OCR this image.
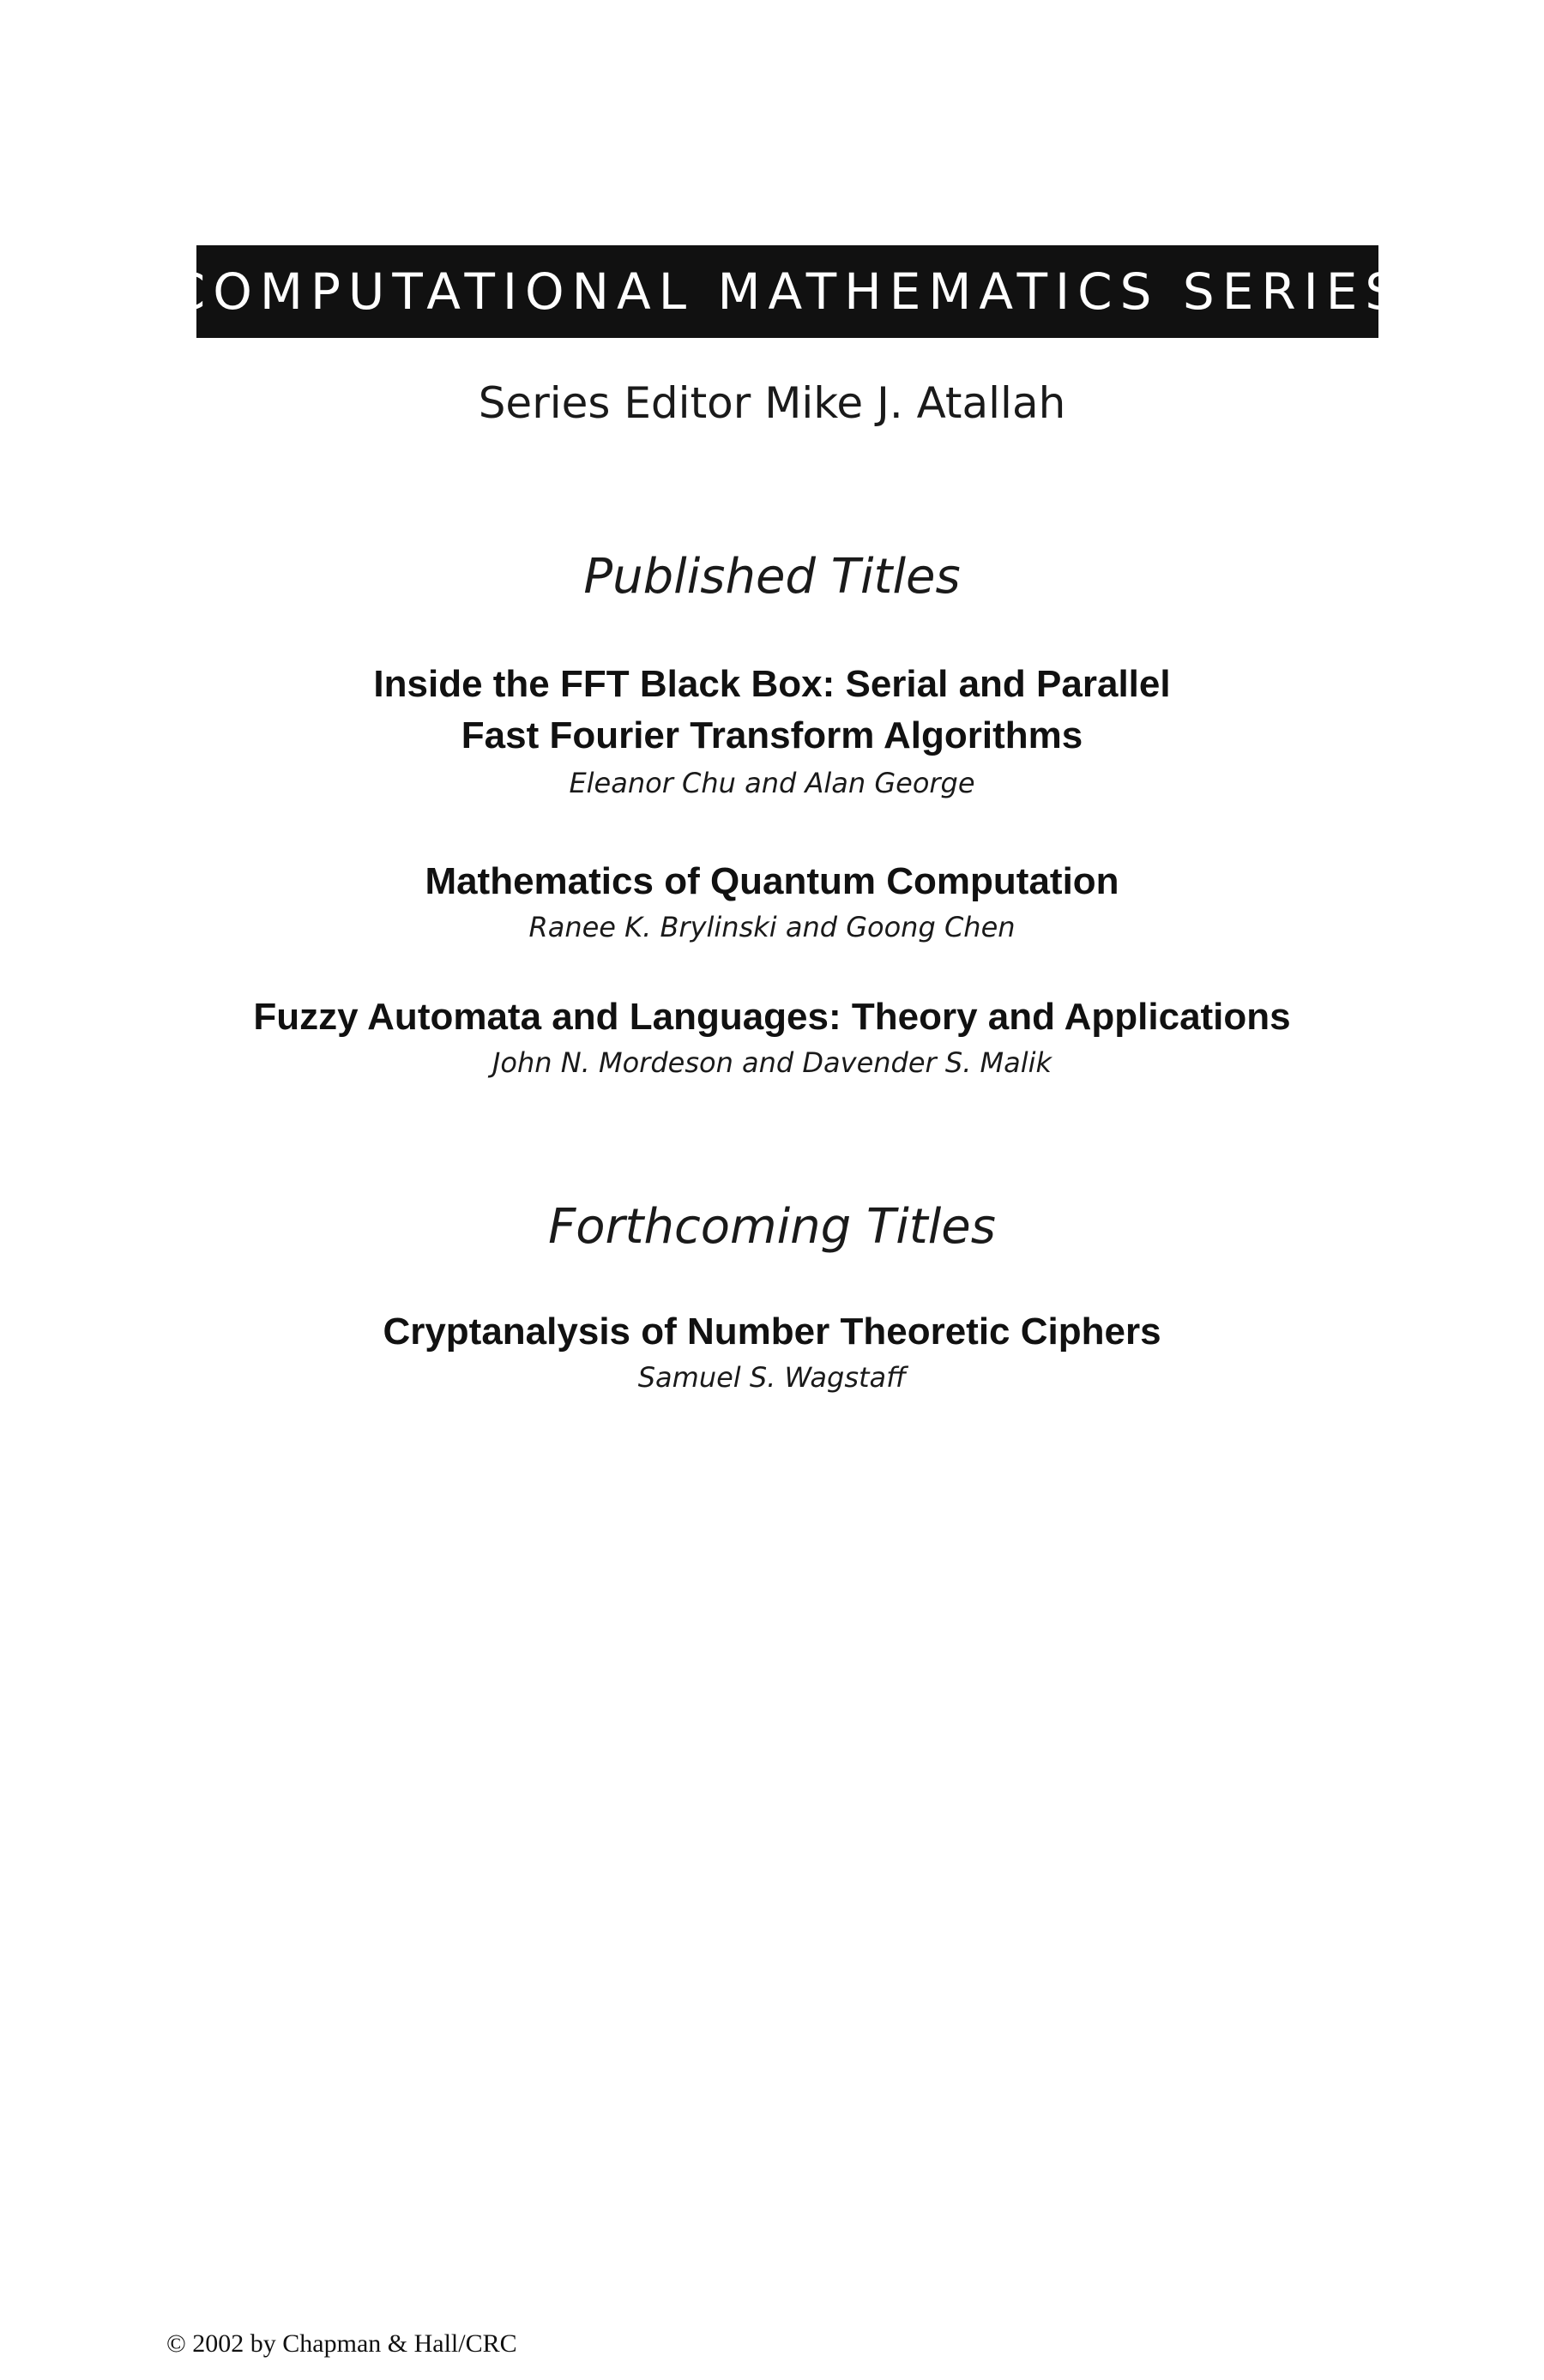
COMPUTATIONAL MATHEMATICS SERIES
Series Editor Mike J. Atallah
Published Titles
Inside the FFT Black Box: Serial and Parallel
Fast Fourier Transform Algorithms
Eleanor Chu and Alan George
Mathematics of Quantum Computation
Ranee K. Brylinski and Goong Chen
Fuzzy Automata and Languages: Theory and Applications
John N. Mordeson and Davender S. Malik
Forthcoming Titles
Cryptanalysis of Number Theoretic Ciphers
Samuel S. Wagstaff
© 2002 by Chapman & Hall/CRC
